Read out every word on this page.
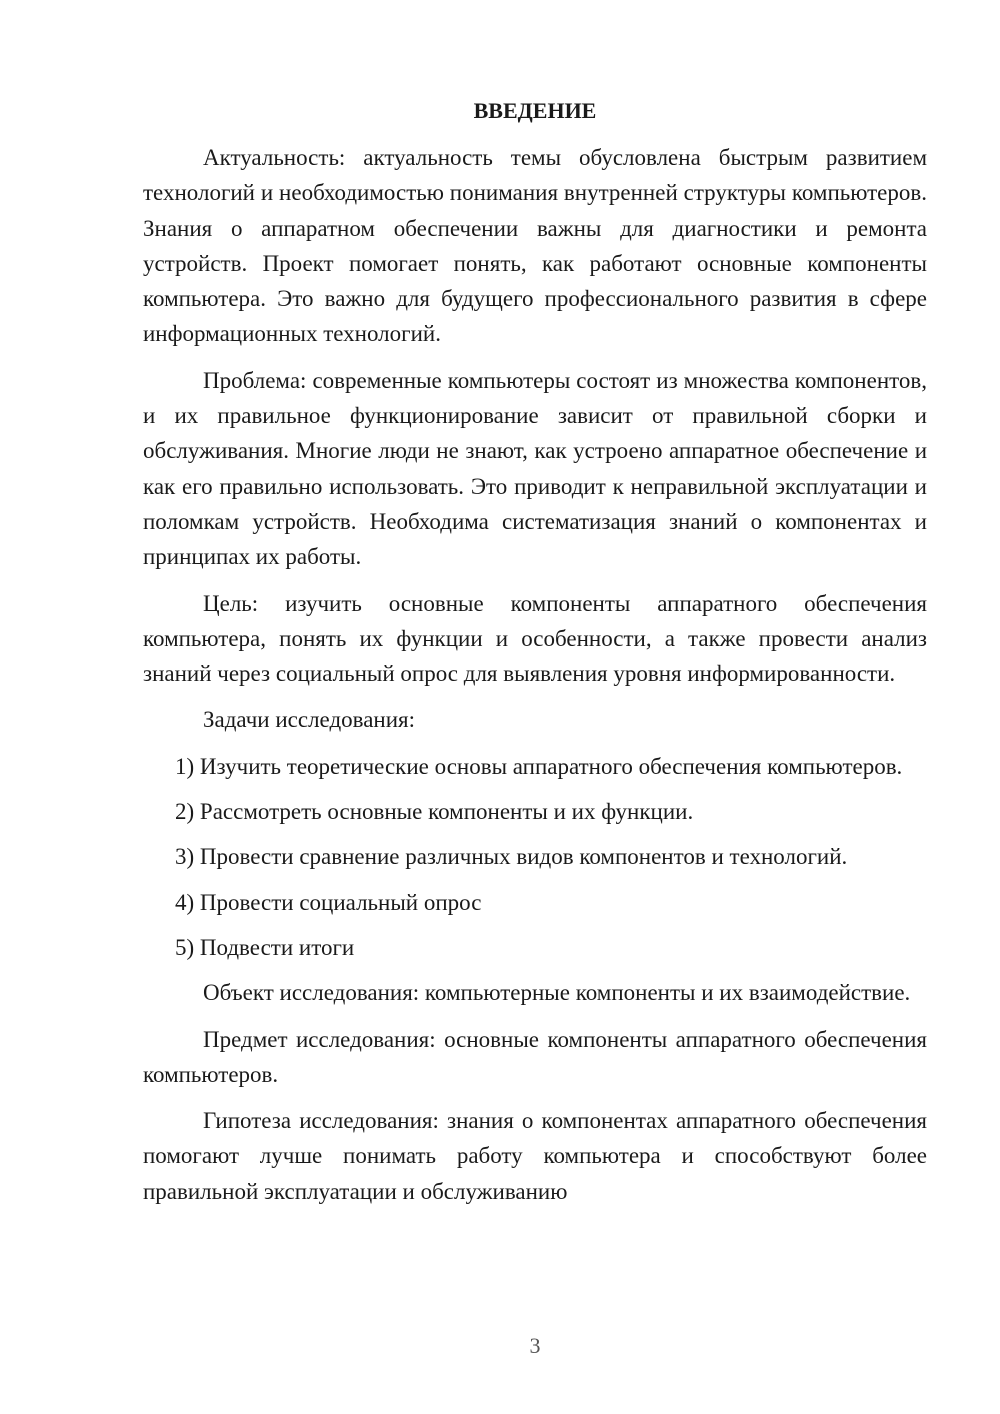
ВВЕДЕНИЕ

Актуальность: актуальность темы обусловлена быстрым развитием технологий и необходимостью понимания внутренней структуры компьютеров. Знания о аппаратном обеспечении важны для диагностики и ремонта устройств. Проект помогает понять, как работают основные компоненты компьютера. Это важно для будущего профессионального развития в сфере информационных технологий.

Проблема: современные компьютеры состоят из множества компонентов, и их правильное функционирование зависит от правильной сборки и обслуживания. Многие люди не знают, как устроено аппаратное обеспечение и как его правильно использовать. Это приводит к неправильной эксплуатации и поломкам устройств. Необходима систематизация знаний о компонентах и принципах их работы.

Цель: изучить основные компоненты аппаратного обеспечения компьютера, понять их функции и особенности, а также провести анализ знаний через социальный опрос для выявления уровня информированности.

Задачи исследования:

1) Изучить теоретические основы аппаратного обеспечения компьютеров.

2) Рассмотреть основные компоненты и их функции.

3) Провести сравнение различных видов компонентов и технологий.

4) Провести социальный опрос

5) Подвести итоги

Объект исследования: компьютерные компоненты и их взаимодействие.

Предмет исследования: основные компоненты аппаратного обеспечения компьютеров.

Гипотеза исследования: знания о компонентах аппаратного обеспечения помогают лучше понимать работу компьютера и способствуют более правильной эксплуатации и обслуживанию

3
